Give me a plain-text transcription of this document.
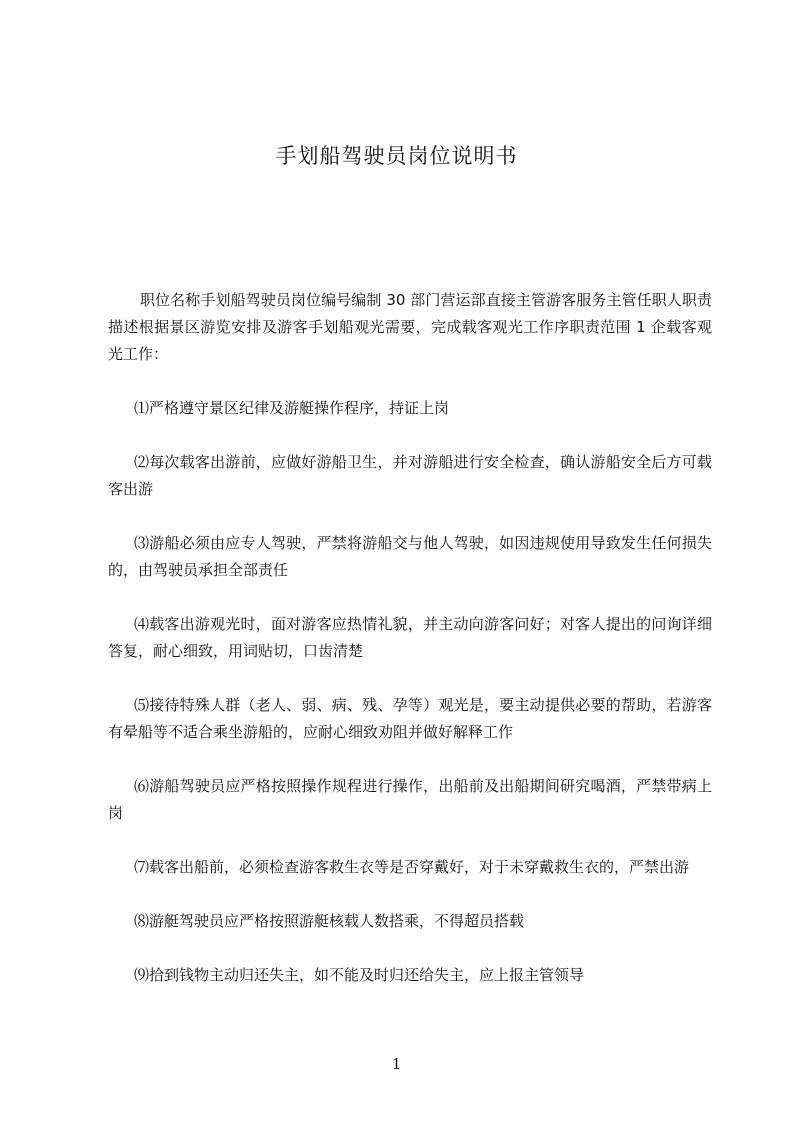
手划船驾驶员岗位说明书

职位名称手划船驾驶员岗位编号编制 30 部门营运部直接主管游客服务主管任职人职责描述根据景区游览安排及游客手划船观光需要，完成载客观光工作序职责范围 1 企载客观光工作：

⑴严格遵守景区纪律及游艇操作程序，持证上岗

⑵每次载客出游前，应做好游船卫生，并对游船进行安全检查，确认游船安全后方可载客出游

⑶游船必须由应专人驾驶，严禁将游船交与他人驾驶，如因违规使用导致发生任何损失的，由驾驶员承担全部责任

⑷载客出游观光时，面对游客应热情礼貌，并主动向游客问好；对客人提出的问询详细答复，耐心细致，用词贴切，口齿清楚

⑸接待特殊人群（老人、弱、病、残、孕等）观光是，要主动提供必要的帮助，若游客有晕船等不适合乘坐游船的，应耐心细致劝阻并做好解释工作

⑹游船驾驶员应严格按照操作规程进行操作，出船前及出船期间研究喝酒，严禁带病上岗

⑺载客出船前，必须检查游客救生衣等是否穿戴好，对于未穿戴救生衣的，严禁出游

⑻游艇驾驶员应严格按照游艇核载人数搭乘，不得超员搭载

⑼拾到钱物主动归还失主，如不能及时归还给失主，应上报主管领导

1
